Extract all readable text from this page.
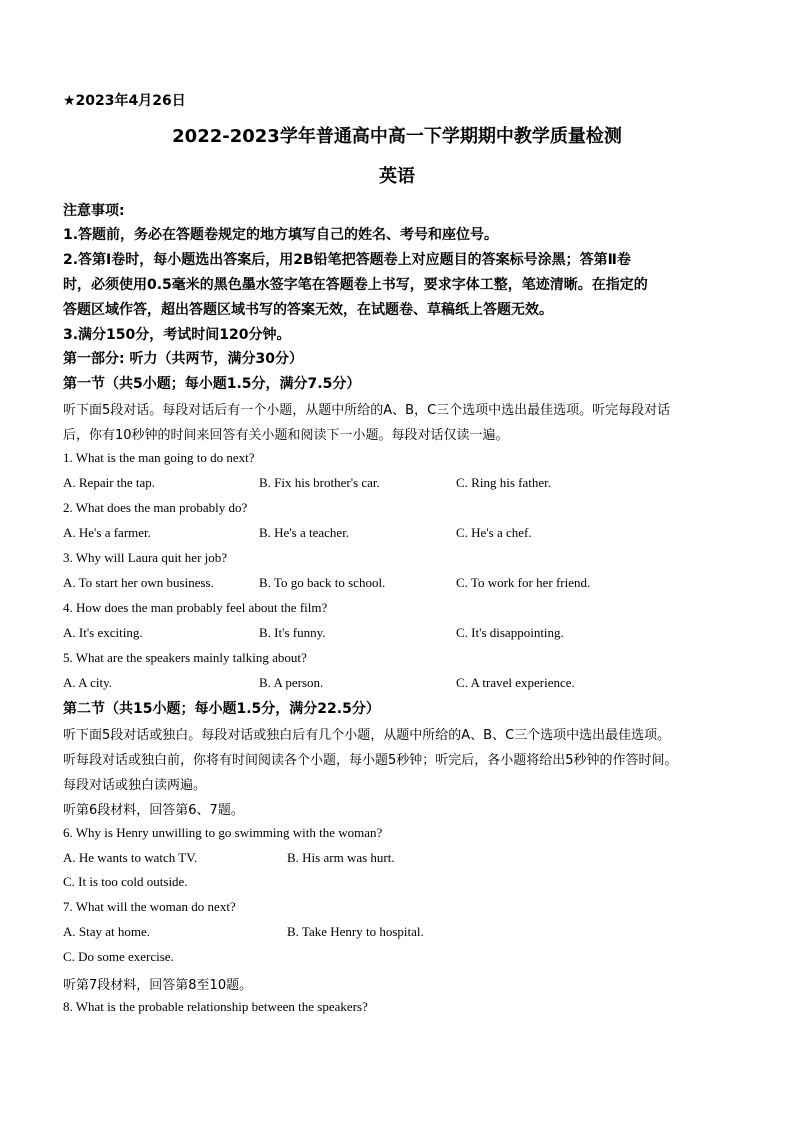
★2023年4月26日
2022-2023学年普通高中高一下学期期中教学质量检测
英语
注意事项:
1.答题前，务必在答题卷规定的地方填写自己的姓名、考号和座位号。
2.答第Ⅰ卷时，每小题选出答案后，用2B铅笔把答题卷上对应题目的答案标号涂黑；答第Ⅱ卷
时，必须使用0.5毫米的黑色墨水签字笔在答题卷上书写，要求字体工整，笔迹清晰。在指定的
答题区域作答，超出答题区域书写的答案无效，在试题卷、草稿纸上答题无效。
3.满分150分，考试时间120分钟。
第一部分: 听力（共两节，满分30分）
第一节（共5小题；每小题1.5分，满分7.5分）
听下面5段对话。每段对话后有一个小题，从题中所给的A、B，C三个选项中选出最佳选项。听完每段对话
后，你有10秒钟的时间来回答有关小题和阅读下一小题。每段对话仅读一遍。
1. What is the man going to do next?
A. Repair the tap.	B. Fix his brother's car.	C. Ring his father.
2. What does the man probably do?
A. He's a farmer.	B. He's a teacher.	C. He's a chef.
3. Why will Laura quit her job?
A. To start her own business.	B. To go back to school.	C. To work for her friend.
4. How does the man probably feel about the film?
A. It's exciting.	B. It's funny.	C. It's disappointing.
5. What are the speakers mainly talking about?
A. A city.	B. A person.	C. A travel experience.
第二节（共15小题；每小题1.5分，满分22.5分）
听下面5段对话或独白。每段对话或独白后有几个小题，从题中所给的A、B、C三个选项中选出最佳选项。
听每段对话或独白前，你将有时间阅读各个小题，每小题5秒钟；听完后，各小题将给出5秒钟的作答时间。
每段对话或独白读两遍。
听第6段材料，回答第6、7题。
6. Why is Henry unwilling to go swimming with the woman?
A. He wants to watch TV.	B. His arm was hurt.
C. It is too cold outside.
7. What will the woman do next?
A. Stay at home.	B. Take Henry to hospital.
C. Do some exercise.
听第7段材料，回答第8至10题。
8. What is the probable relationship between the speakers?
